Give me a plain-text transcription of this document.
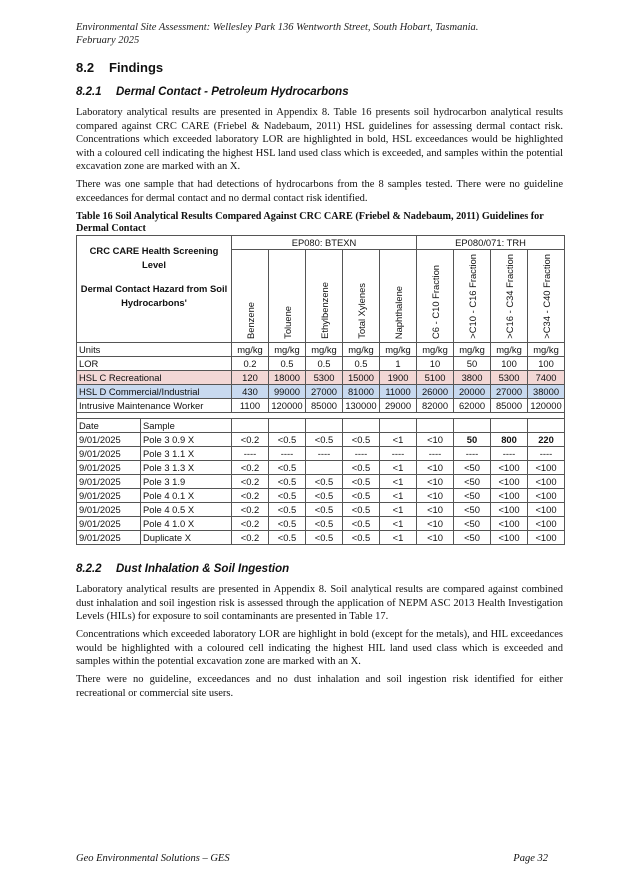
Environmental Site Assessment: Wellesley Park 136 Wentworth Street, South Hobart, Tasmania.
February 2025
8.2 Findings
8.2.1 Dermal Contact - Petroleum Hydrocarbons

Laboratory analytical results are presented in Appendix 8. Table 16 presents soil hydrocarbon analytical results compared against CRC CARE (Friebel & Nadebaum, 2011) HSL guidelines for assessing dermal contact risk. Concentrations which exceeded laboratory LOR are highlighted in bold, HSL exceedances would be highlighted with a coloured cell indicating the highest HSL land used class which is exceeded, and samples within the potential excavation zone are marked with an X.

There was one sample that had detections of hydrocarbons from the 8 samples tested. There were no guideline exceedances for dermal contact and no dermal contact risk identified.

Table 16 Soil Analytical Results Compared Against CRC CARE (Friebel & Nadebaum, 2011) Guidelines for Dermal Contact
CRC CARE Health Screening Level
Dermal Contact Hazard from Soil Hydrocarbons'		EP080: BTEXN					EP080/071: TRH			
		Benzene	Toluene	Ethylbenzene	Total Xylenes	Naphthalene	C6 - C10 Fraction	>C10 - C16 Fraction	>C16 - C34 Fraction	>C34 - C40 Fraction
Units		mg/kg	mg/kg	mg/kg	mg/kg	mg/kg	mg/kg	mg/kg	mg/kg	mg/kg
LOR		0.2	0.5	0.5	0.5	1	10	50	100	100
HSL C Recreational		120	18000	5300	15000	1900	5100	3800	5300	7400
HSL D Commercial/Industrial		430	99000	27000	81000	11000	26000	20000	27000	38000
Intrusive Maintenance Worker		1100	120000	85000	130000	29000	82000	62000	85000	120000

Date	Sample									
9/01/2025	Pole 3 0.9 X	<0.2	<0.5	<0.5	<0.5	<1	<10	50	800	220
9/01/2025	Pole 3 1.1 X	----	----	----	----	----	----	----	----	----
9/01/2025	Pole 3 1.3 X	<0.2	<0.5		<0.5	<1	<10	<50	<100	<100
9/01/2025	Pole 3 1.9	<0.2	<0.5	<0.5	<0.5	<1	<10	<50	<100	<100
9/01/2025	Pole 4 0.1 X	<0.2	<0.5	<0.5	<0.5	<1	<10	<50	<100	<100
9/01/2025	Pole 4 0.5 X	<0.2	<0.5	<0.5	<0.5	<1	<10	<50	<100	<100
9/01/2025	Pole 4 1.0 X	<0.2	<0.5	<0.5	<0.5	<1	<10	<50	<100	<100
9/01/2025	Duplicate X	<0.2	<0.5	<0.5	<0.5	<1	<10	<50	<100	<100
8.2.2 Dust Inhalation & Soil Ingestion

Laboratory analytical results are presented in Appendix 8. Soil analytical results are compared against combined dust inhalation and soil ingestion risk is assessed through the application of NEPM ASC 2013 Health Investigation Levels (HILs) for exposure to soil contaminants are presented in Table 17.

Concentrations which exceeded laboratory LOR are highlight in bold (except for the metals), and HIL exceedances would be highlighted with a coloured cell indicating the highest HIL land used class which is exceeded and samples within the potential excavation zone are marked with an X.

There were no guideline, exceedances and no dust inhalation and soil ingestion risk identified for either recreational or commercial site users.

Geo Environmental Solutions – GES	Page 32
